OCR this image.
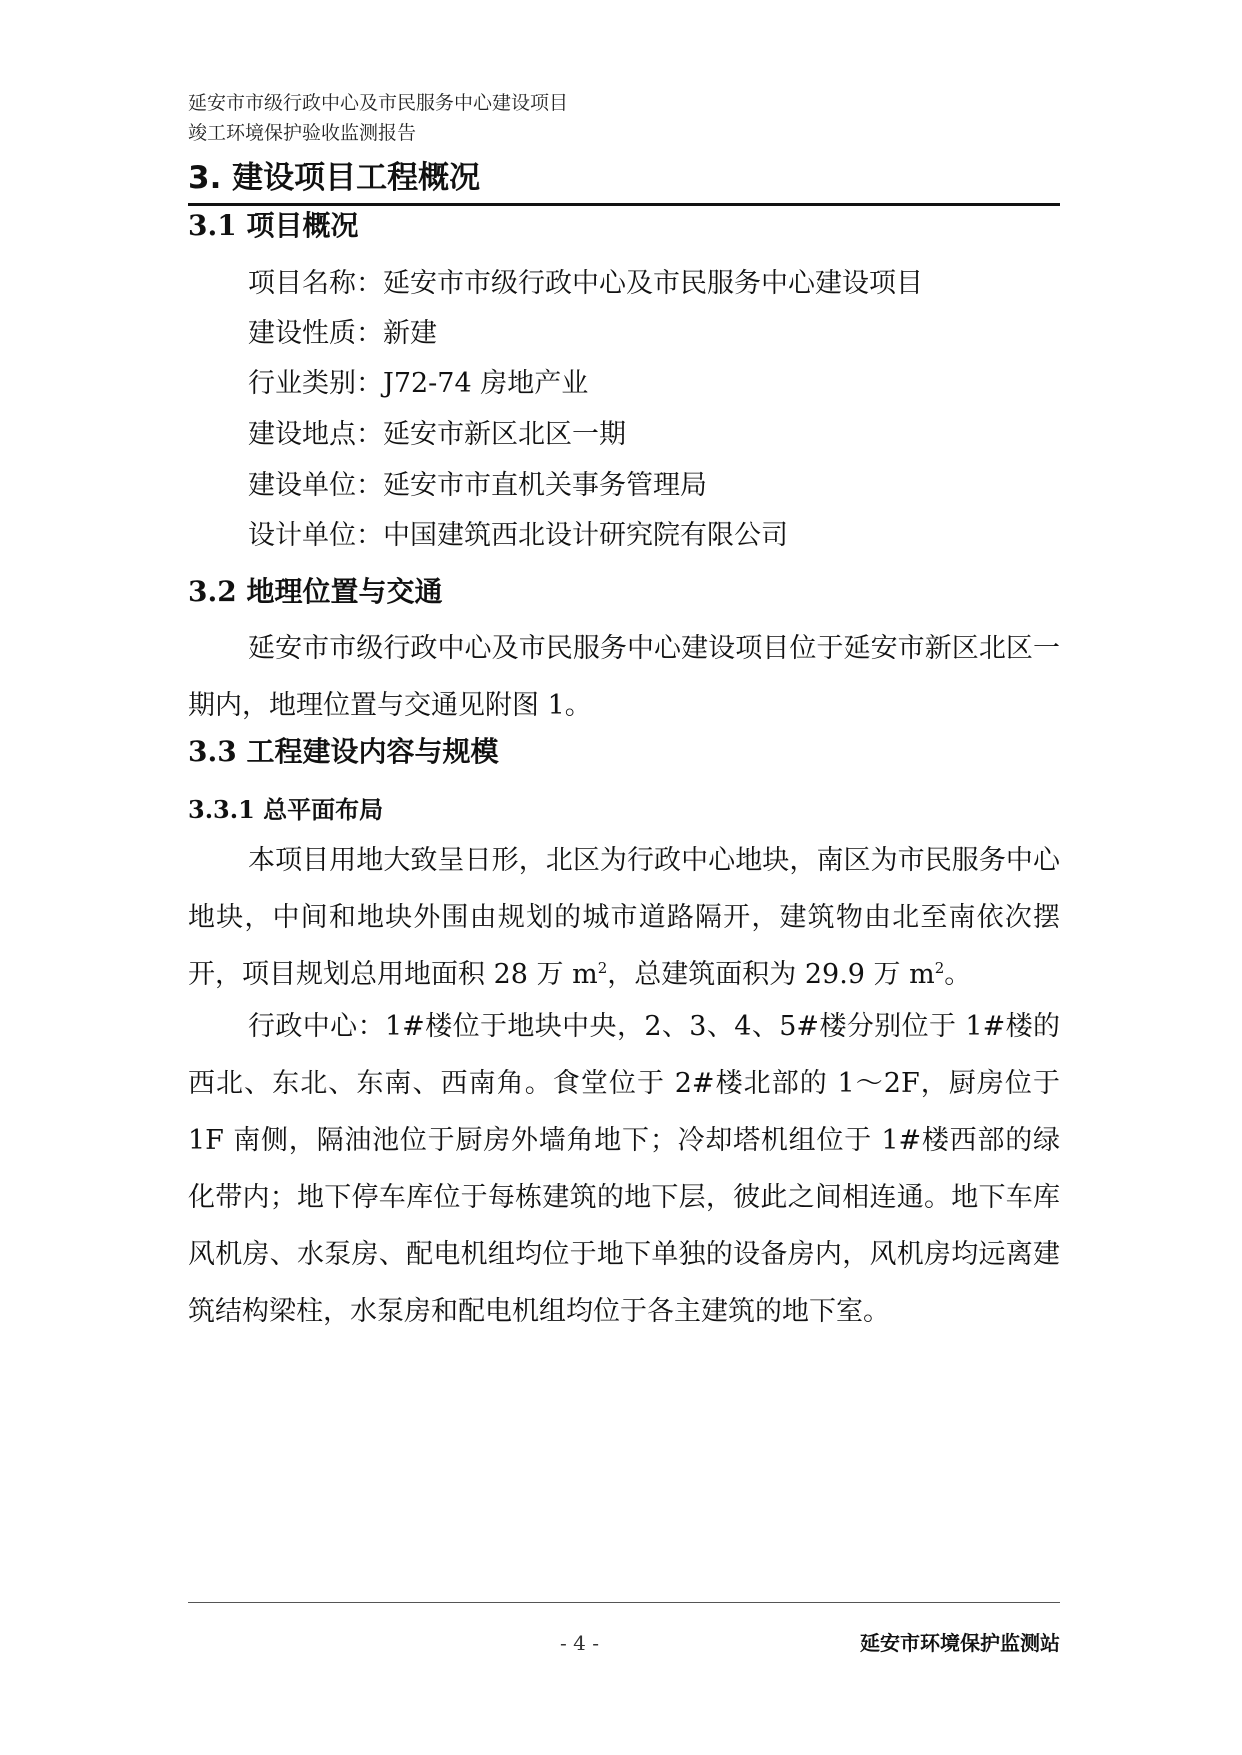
延安市市级行政中心及市民服务中心建设项目
竣工环境保护验收监测报告
3. 建设项目工程概况
3.1 项目概况
项目名称：延安市市级行政中心及市民服务中心建设项目
建设性质：新建
行业类别：J72-74 房地产业
建设地点：延安市新区北区一期
建设单位：延安市市直机关事务管理局
设计单位：中国建筑西北设计研究院有限公司
3.2 地理位置与交通
延安市市级行政中心及市民服务中心建设项目位于延安市新区北区一期内，地理位置与交通见附图 1。
3.3 工程建设内容与规模
3.3.1 总平面布局
本项目用地大致呈日形，北区为行政中心地块，南区为市民服务中心地块，中间和地块外围由规划的城市道路隔开，建筑物由北至南依次摆开，项目规划总用地面积 28 万 $m^2$，总建筑面积为 29.9 万 $m^2$。
行政中心：1#楼位于地块中央，2、3、4、5#楼分别位于 1#楼的西北、东北、东南、西南角。食堂位于 2#楼北部的 1～2F，厨房位于 1F 南侧，隔油池位于厨房外墙角地下；冷却塔机组位于 1#楼西部的绿化带内；地下停车库位于每栋建筑的地下层，彼此之间相连通。地下车库风机房、水泵房、配电机组均位于地下单独的设备房内，风机房均远离建筑结构梁柱，水泵房和配电机组均位于各主建筑的地下室。
- 4 -	延安市环境保护监测站
